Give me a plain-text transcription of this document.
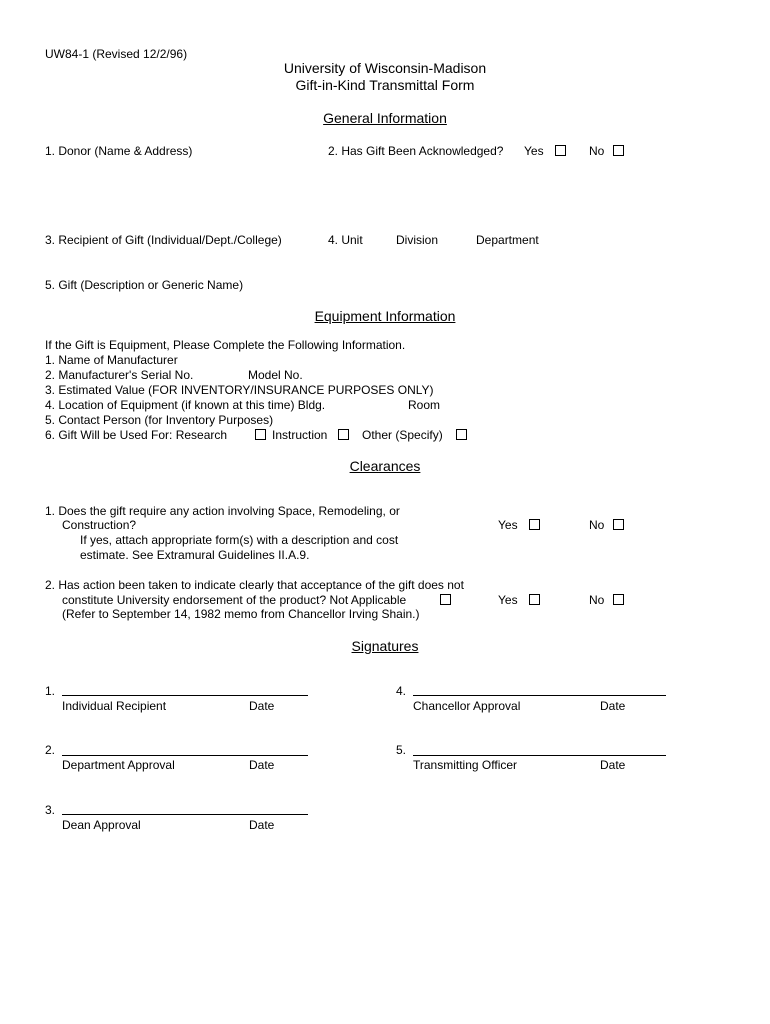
UW84-1 (Revised 12/2/96)
University of Wisconsin-Madison
Gift-in-Kind Transmittal Form
General Information
1. Donor (Name & Address)	2. Has Gift Been Acknowledged? Yes	No
3. Recipient of Gift (Individual/Dept./College)	4. Unit	Division	Department
5. Gift (Description or Generic Name)
Equipment Information
If the Gift is Equipment, Please Complete the Following Information.
1. Name of Manufacturer
2. Manufacturer's Serial No.	Model No.
3. Estimated Value (FOR INVENTORY/INSURANCE PURPOSES ONLY)
4. Location of Equipment (if known at this time) Bldg.	Room
5. Contact Person (for Inventory Purposes)
6. Gift Will be Used For: Research	Instruction	Other (Specify)
Clearances
1. Does the gift require any action involving Space, Remodeling, or
Construction?	Yes	No
If yes, attach appropriate form(s) with a description and cost
estimate. See Extramural Guidelines II.A.9.
2. Has action been taken to indicate clearly that acceptance of the gift does not
constitute University endorsement of the product? Not Applicable	Yes	No
(Refer to September 14, 1982 memo from Chancellor Irving Shain.)
Signatures
1.
Individual Recipient	Date
4.
Chancellor Approval	Date
2.
Department Approval	Date
5.
Transmitting Officer	Date
3.
Dean Approval	Date
